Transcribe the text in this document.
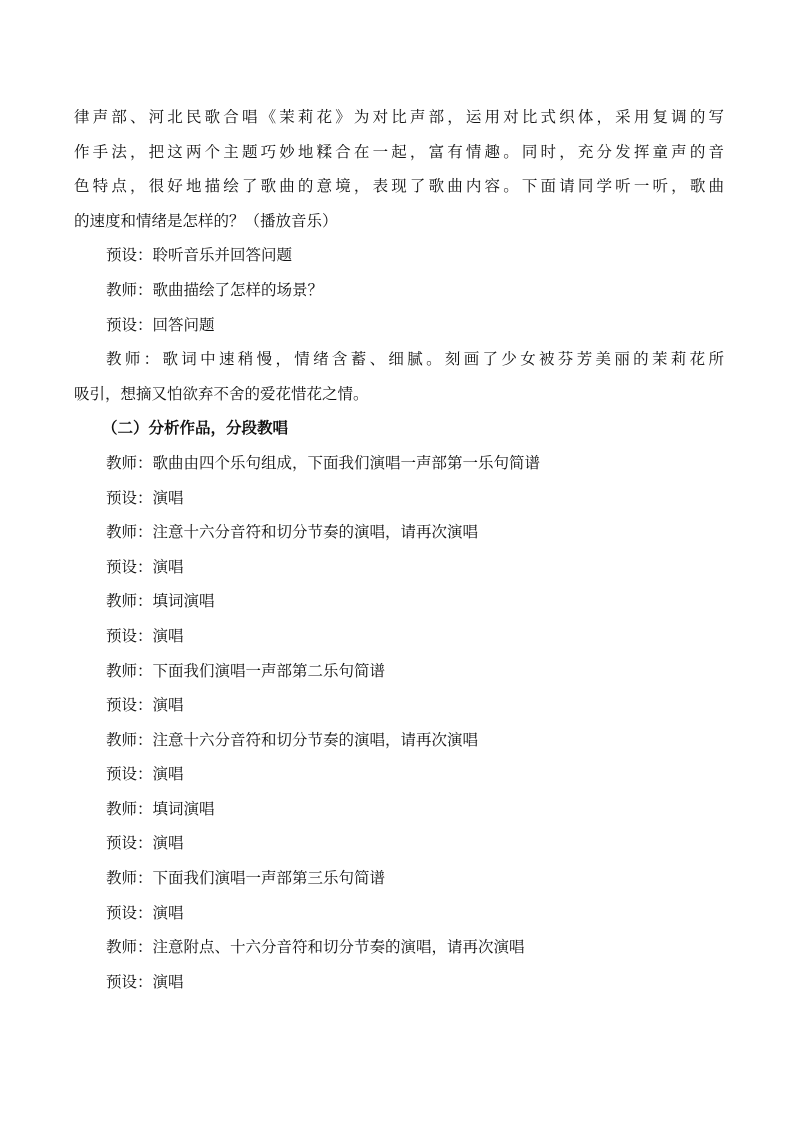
律声部、河北民歌合唱《茉莉花》为对比声部，运用对比式织体，采用复调的写
作手法，把这两个主题巧妙地糅合在一起，富有情趣。同时，充分发挥童声的音
色特点，很好地描绘了歌曲的意境，表现了歌曲内容。下面请同学听一听，歌曲
的速度和情绪是怎样的？（播放音乐）
预设：聆听音乐并回答问题
教师：歌曲描绘了怎样的场景？
预设：回答问题
教师：歌词中速稍慢，情绪含蓄、细腻。刻画了少女被芬芳美丽的茉莉花所
吸引，想摘又怕欲弃不舍的爱花惜花之情。
（二）分析作品，分段教唱
教师：歌曲由四个乐句组成，下面我们演唱一声部第一乐句简谱
预设：演唱
教师：注意十六分音符和切分节奏的演唱，请再次演唱
预设：演唱
教师：填词演唱
预设：演唱
教师：下面我们演唱一声部第二乐句简谱
预设：演唱
教师：注意十六分音符和切分节奏的演唱，请再次演唱
预设：演唱
教师：填词演唱
预设：演唱
教师：下面我们演唱一声部第三乐句简谱
预设：演唱
教师：注意附点、十六分音符和切分节奏的演唱，请再次演唱
预设：演唱
